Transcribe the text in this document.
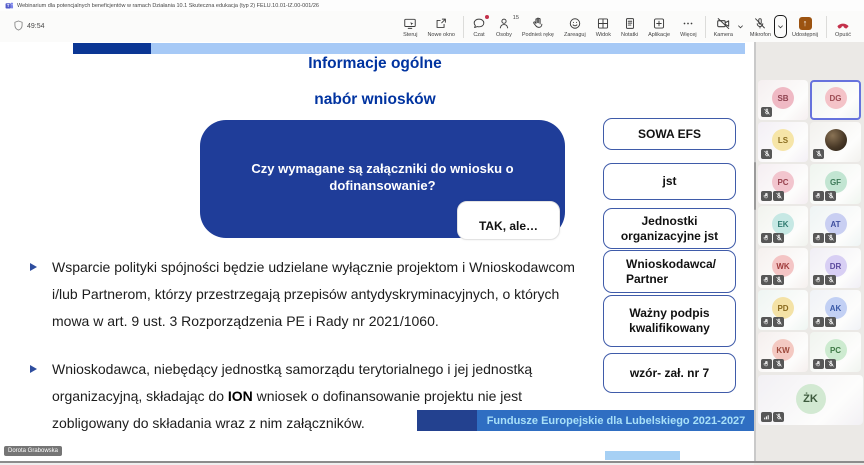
T Webinarium dla potencjalnych beneficjentów w ramach Działania 10.1 Skuteczna edukacja (typ 2) FELU.10.01-IZ.00-001/26
49:54
Steruj Nowe okno	Czat
15
Osoby Podnieś rękę Zareaguj Widok Notatki Aplikacje Więcej	Kamera	Mikrofon
↑
Udostępnij	Opuść
Informacje ogólne
nabór wniosków
Czy wymagane są załączniki do wniosku o dofinansowanie?
TAK, ale…
SOWA EFS
jst
Jednostki organizacyjne jst
Wnioskodawca/ Partner
Ważny podpis kwalifikowany
wzór- zał. nr 7
Wsparcie polityki spójności będzie udzielane wyłącznie projektom i Wnioskodawcom i/lub Partnerom, którzy przestrzegają przepisów antydyskryminacyjnych, o których mowa w art. 9 ust. 3 Rozporządzenia PE i Rady nr 2021/1060.
Wnioskodawca, niebędący jednostką samorządu terytorialnego i jej jednostką organizacyjną, składając do ION wniosek o dofinansowanie projektu nie jest zobligowany do składania wraz z nim załączników.	Fundusze Europejskie dla Lubelskiego 2021-2027
Dorota Grabowska
SB	DG
LS
PC	GF
EK	AT
WK	DR
PD	AK
KW	PC
ŻK
